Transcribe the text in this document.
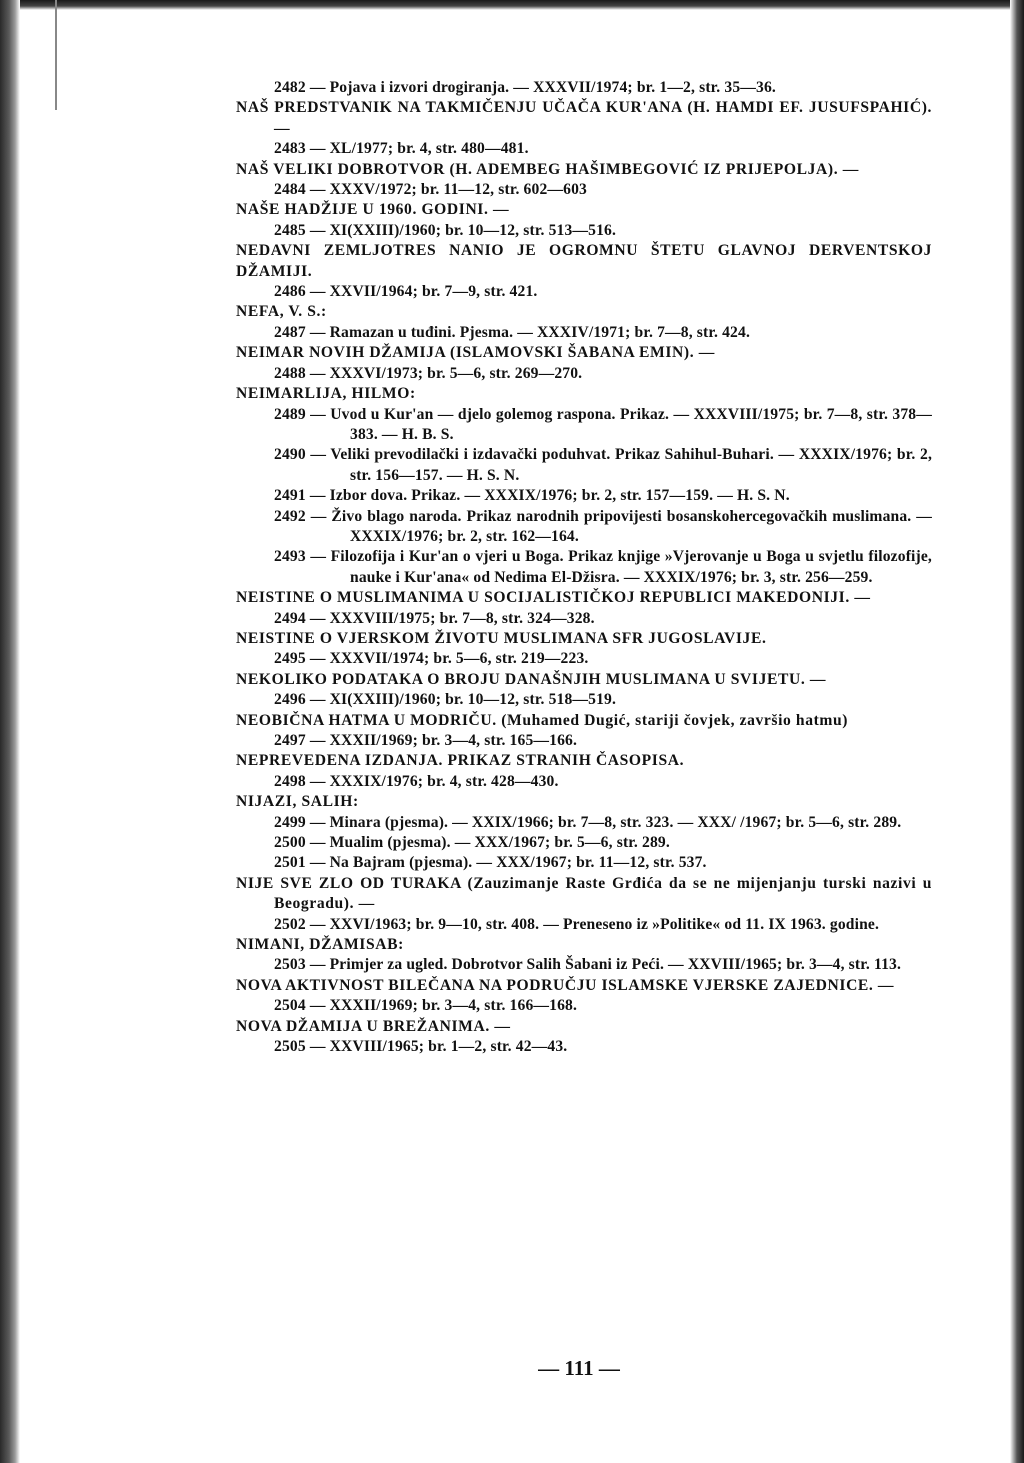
2482 — Pojava i izvori drogiranja. — XXXVII/1974; br. 1—2, str. 35—36.
NAŠ PREDSTVANIK NA TAKMIČENJU UČAČA KUR'ANA (H. HAMDI EF. JUSUFSPAHIĆ). —
2483 — XL/1977; br. 4, str. 480—481.
NAŠ VELIKI DOBROTVOR (H. ADEMBEG HAŠIMBEGOVIĆ IZ PRIJEPOLJA). —
2484 — XXXV/1972; br. 11—12, str. 602—603
NAŠE HADŽIJE U 1960. GODINI. —
2485 — XI(XXIII)/1960; br. 10—12, str. 513—516.
NEDAVNI ZEMLJOTRES NANIO JE OGROMNU ŠTETU GLAVNOJ DERVENTSKOJ DŽAMIJI.
2486 — XXVII/1964; br. 7—9, str. 421.
NEFA, V. S.:
2487 — Ramazan u tuđini. Pjesma. — XXXIV/1971; br. 7—8, str. 424.
NEIMAR NOVIH DŽAMIJA (ISLAMOVSKI ŠABANA EMIN). —
2488 — XXXVI/1973; br. 5—6, str. 269—270.
NEIMARLIJA, HILMO:
2489 — Uvod u Kur'an — djelo golemog raspona. Prikaz. — XXXVIII/1975; br. 7—8, str. 378—383. — H. B. S.
2490 — Veliki prevodilački i izdavački poduhvat. Prikaz Sahihul-Buhari. — XXXIX/1976; br. 2, str. 156—157. — H. S. N.
2491 — Izbor dova. Prikaz. — XXXIX/1976; br. 2, str. 157—159. — H. S. N.
2492 — Živo blago naroda. Prikaz narodnih pripovijesti bosanskohercegovačkih muslimana. — XXXIX/1976; br. 2, str. 162—164.
2493 — Filozofija i Kur'an o vjeri u Boga. Prikaz knjige »Vjerovanje u Boga u svjetlu filozofije, nauke i Kur'ana« od Nedima El-Džisra. — XXXIX/1976; br. 3, str. 256—259.
NEISTINE O MUSLIMANIMA U SOCIJALISTIČKOJ REPUBLICI MAKEDONIJI. —
2494 — XXXVIII/1975; br. 7—8, str. 324—328.
NEISTINE O VJERSKOM ŽIVOTU MUSLIMANA SFR JUGOSLAVIJE.
2495 — XXXVII/1974; br. 5—6, str. 219—223.
NEKOLIKO PODATAKA O BROJU DANAŠNJIH MUSLIMANA U SVIJETU. —
2496 — XI(XXIII)/1960; br. 10—12, str. 518—519.
NEOBIČNA HATMA U MODRIČU. (Muhamed Dugić, stariji čovjek, završio hatmu)
2497 — XXXII/1969; br. 3—4, str. 165—166.
NEPREVEDENA IZDANJA. PRIKAZ STRANIH ČASOPISA.
2498 — XXXIX/1976; br. 4, str. 428—430.
NIJAZI, SALIH:
2499 — Minara (pjesma). — XXIX/1966; br. 7—8, str. 323. — XXX/ /1967; br. 5—6, str. 289.
2500 — Mualim (pjesma). — XXX/1967; br. 5—6, str. 289.
2501 — Na Bajram (pjesma). — XXX/1967; br. 11—12, str. 537.
NIJE SVE ZLO OD TURAKA (Zauzimanje Raste Grđića da se ne mijenjanju turski nazivi u Beogradu). —
2502 — XXVI/1963; br. 9—10, str. 408. — Preneseno iz »Politike« od 11. IX 1963. godine.
NIMANI, DŽAMISAB:
2503 — Primjer za ugled. Dobrotvor Salih Šabani iz Peći. — XXVIII/1965; br. 3—4, str. 113.
NOVA AKTIVNOST BILEČANA NA PODRUČJU ISLAMSKE VJERSKE ZAJEDNICE. —
2504 — XXXII/1969; br. 3—4, str. 166—168.
NOVA DŽAMIJA U BREŽANIMA. —
2505 — XXVIII/1965; br. 1—2, str. 42—43.
— 111 —
